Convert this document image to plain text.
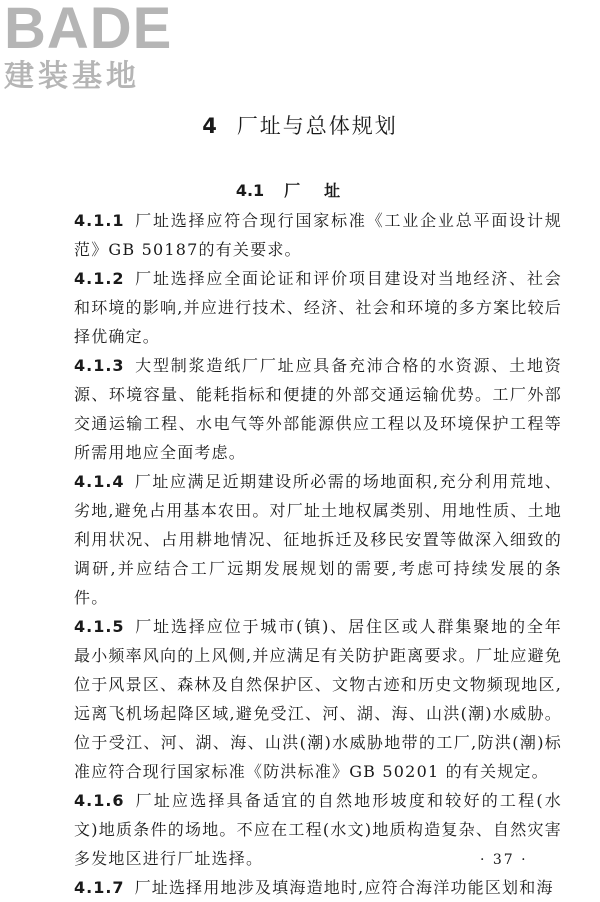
BADE
建装基地
4 厂址与总体规划
4.1 厂址

4.1.1 厂址选择应符合现行国家标准《工业企业总平面设计规范》GB 50187的有关要求。

4.1.2 厂址选择应全面论证和评价项目建设对当地经济、社会和环境的影响,并应进行技术、经济、社会和环境的多方案比较后择优确定。

4.1.3 大型制浆造纸厂厂址应具备充沛合格的水资源、土地资源、环境容量、能耗指标和便捷的外部交通运输优势。工厂外部交通运输工程、水电气等外部能源供应工程以及环境保护工程等所需用地应全面考虑。

4.1.4 厂址应满足近期建设所必需的场地面积,充分利用荒地、劣地,避免占用基本农田。对厂址土地权属类别、用地性质、土地利用状况、占用耕地情况、征地拆迁及移民安置等做深入细致的调研,并应结合工厂远期发展规划的需要,考虑可持续发展的条件。

4.1.5 厂址选择应位于城市(镇)、居住区或人群集聚地的全年最小频率风向的上风侧,并应满足有关防护距离要求。厂址应避免位于风景区、森林及自然保护区、文物古迹和历史文物频现地区,远离飞机场起降区域,避免受江、河、湖、海、山洪(潮)水威胁。位于受江、河、湖、海、山洪(潮)水威胁地带的工厂,防洪(潮)标准应符合现行国家标准《防洪标准》GB 50201 的有关规定。

4.1.6 厂址应选择具备适宜的自然地形坡度和较好的工程(水文)地质条件的场地。不应在工程(水文)地质构造复杂、自然灾害多发地区进行厂址选择。

4.1.7 厂址选择用地涉及填海造地时,应符合海洋功能区划和海

· 37 ·
